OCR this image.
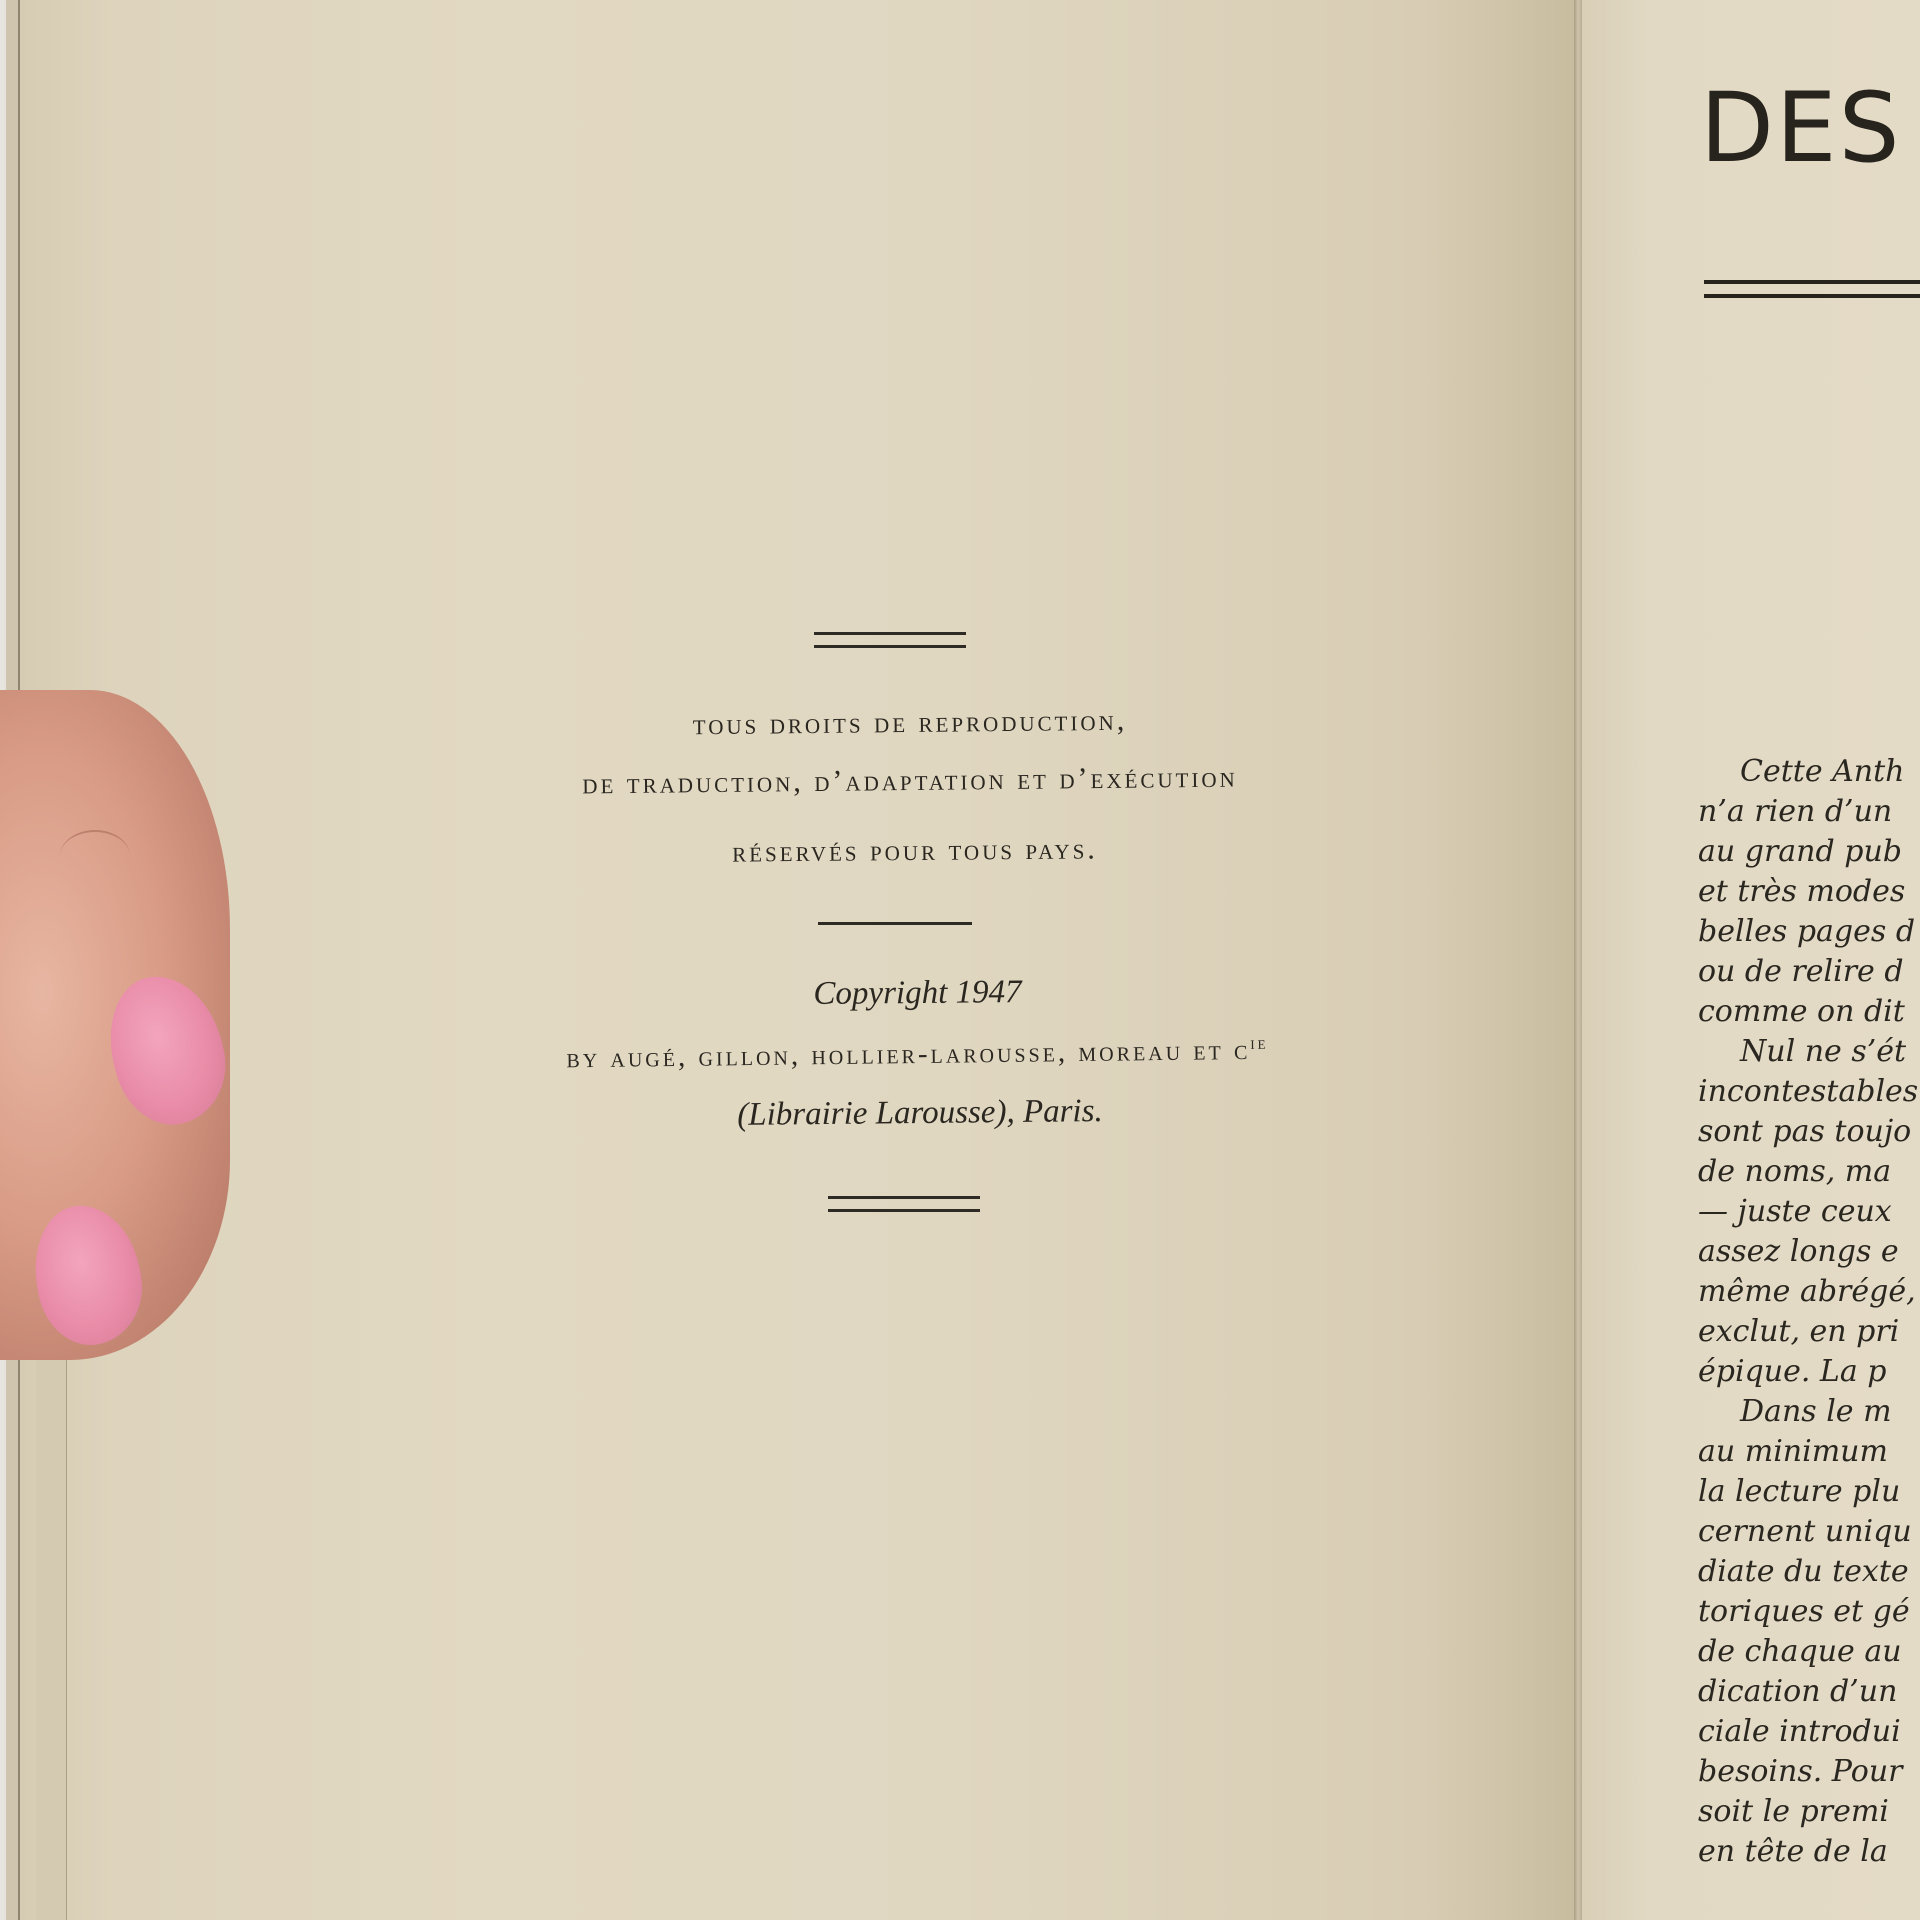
tous droits de reproduction,
de traduction, d’adaptation et d’exécution
réservés pour tous pays.
Copyright 1947
by augé, gillon, hollier-larousse, moreau et $c^{ie}$
(Librairie Larousse), Paris.
DES
Cette Anth
n’a rien d’un
au grand pub
et très modes
belles pages d
ou de relire d
comme on dit
Nul ne s’ét
incontestables
sont pas toujo
de noms, ma
— juste ceux
assez longs e
même abrégé,
exclut, en pri
épique. La p
Dans le m
au minimum
la lecture plu
cernent uniqu
diate du texte
toriques et gé
de chaque au
dication d’un
ciale introdui
besoins. Pour
soit le premi
en tête de la
